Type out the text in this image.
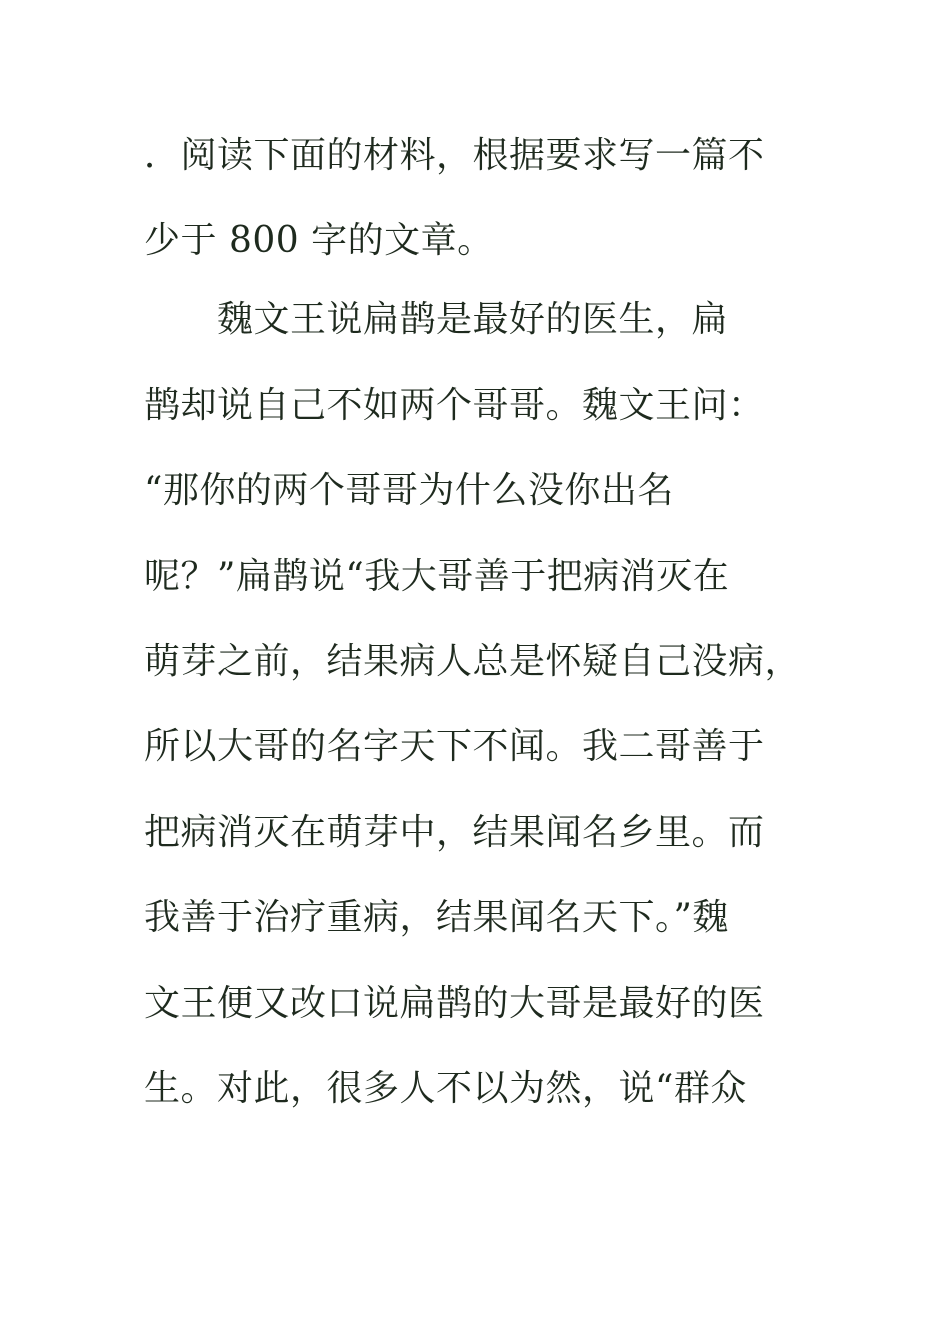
．阅读下面的材料，根据要求写一篇不
少于 800 字的文章。
　　魏文王说扁鹊是最好的医生，扁
鹊却说自己不如两个哥哥。魏文王问：
“那你的两个哥哥为什么没你出名
呢？”扁鹊说“我大哥善于把病消灭在
萌芽之前，结果病人总是怀疑自己没病，
所以大哥的名字天下不闻。我二哥善于
把病消灭在萌芽中，结果闻名乡里。而
我善于治疗重病，结果闻名天下。”魏
文王便又改口说扁鹊的大哥是最好的医
生。对此，很多人不以为然，说“群众
